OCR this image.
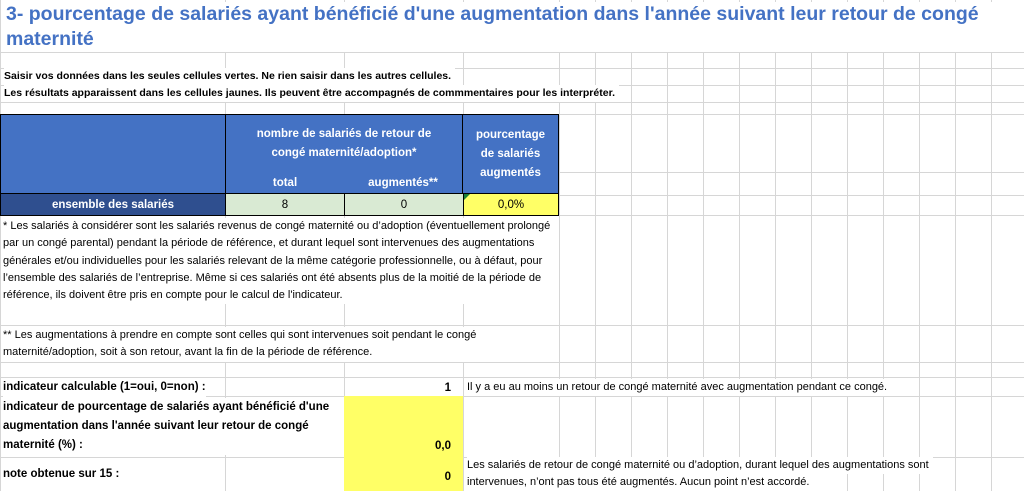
3- pourcentage de salariés ayant bénéficié d'une augmentation dans l'année suivant leur retour de congé maternité
Saisir vos données dans les seules cellules vertes. Ne rien saisir dans les autres cellules.
Les résultats apparaissent dans les cellules jaunes. Ils peuvent être accompagnés de commmentaires pour les interpréter.
nombre de salariés de retour de congé maternité/adoption*
total	augmentés**
pourcentage de salariés augmentés
ensemble des salariés	8	0	0,0%
* Les salariés à considérer sont les salariés revenus de congé maternité ou d’adoption (éventuellement prolongé par un congé parental) pendant la période de référence, et durant lequel sont intervenues des augmentations générales et/ou individuelles pour les salariés relevant de la même catégorie professionnelle, ou à défaut, pour l’ensemble des salariés de l’entreprise. Même si ces salariés ont été absents plus de la moitié de la période de référence, ils doivent être pris en compte pour le calcul de l'indicateur.
** Les augmentations à prendre en compte sont celles qui sont intervenues soit pendant le congé maternité/adoption, soit à son retour, avant la fin de la période de référence.
indicateur calculable (1=oui, 0=non) :	1	Il y a eu au moins un retour de congé maternité avec augmentation pendant ce congé.
indicateur de pourcentage de salariés ayant bénéficié d'une augmentation dans l'année suivant leur retour de congé maternité (%) :	0,0
note obtenue sur 15 :	0
Les salariés de retour de congé maternité ou d’adoption, durant lequel des augmentations sont
intervenues, n’ont pas tous été augmentés. Aucun point n’est accordé.
